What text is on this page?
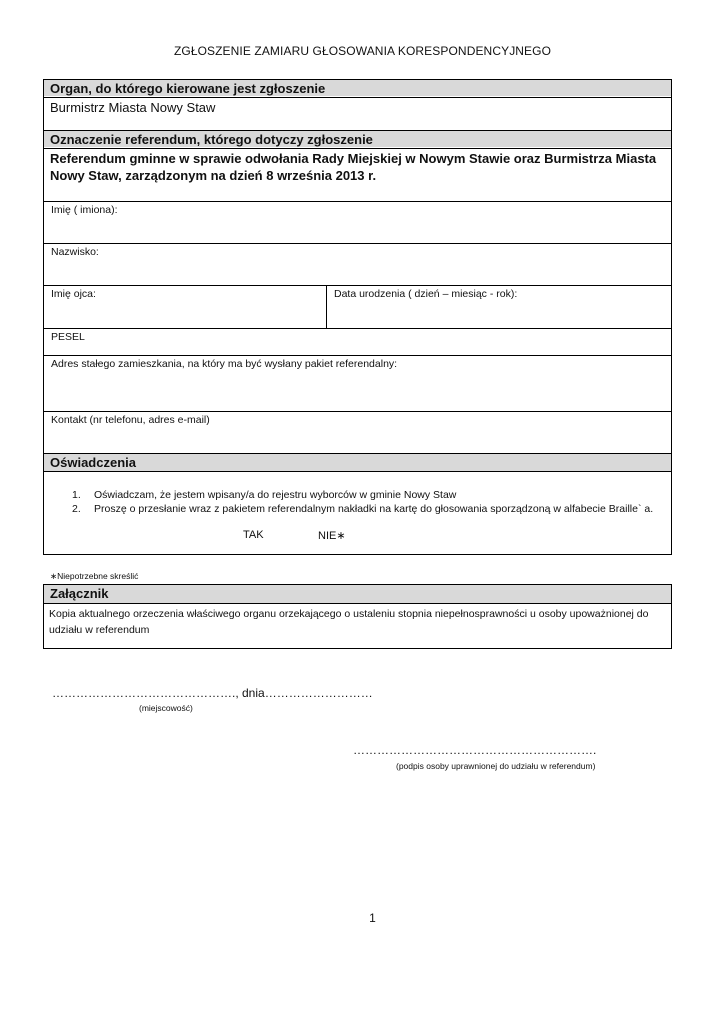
ZGŁOSZENIE ZAMIARU GŁOSOWANIA KORESPONDENCYJNEGO
Organ, do którego kierowane jest zgłoszenie
Burmistrz Miasta Nowy Staw
Oznaczenie referendum, którego dotyczy zgłoszenie
Referendum gminne w sprawie odwołania Rady Miejskiej w Nowym Stawie oraz Burmistrza Miasta Nowy Staw, zarządzonym na dzień 8 września 2013 r.
Imię ( imiona):
Nazwisko:
Imię ojca:	Data urodzenia ( dzień – miesiąc - rok):
PESEL
Adres stałego zamieszkania, na który ma być wysłany pakiet referendalny:
Kontakt (nr telefonu, adres e-mail)
Oświadczenia
1. Oświadczam, że jestem wpisany/a do rejestru wyborców w gminie Nowy Staw
2. Proszę o przesłanie wraz z pakietem referendalnym nakładki na kartę do głosowania sporządzoną w alfabecie Braille` a.
TAK	NIE∗
∗Niepotrzebne skreślić
Załącznik
Kopia aktualnego orzeczenia właściwego organu orzekającego o ustaleniu stopnia niepełnosprawności u osoby upoważnionej do udziału w referendum
………………………………………., dnia………………………
(miejscowość)
…………………………………………………….
(podpis osoby uprawnionej do udziału w referendum)
1
